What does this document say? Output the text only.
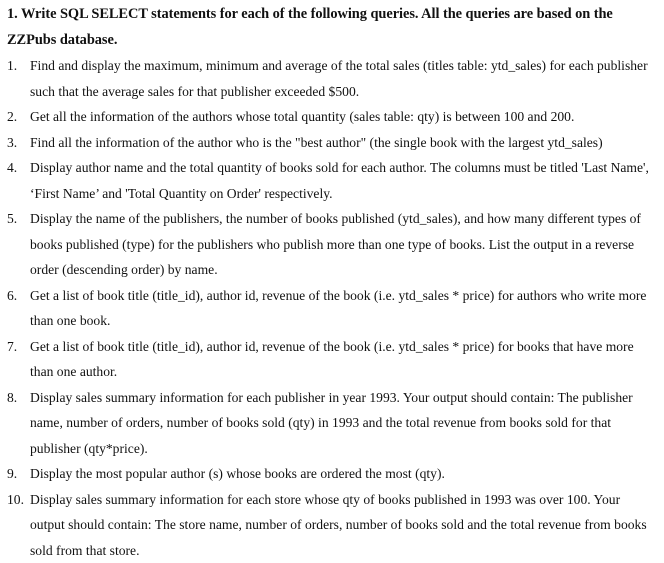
1. Write SQL SELECT statements for each of the following queries. All the queries are based on the
ZZPubs database.
1. Find and display the maximum, minimum and average of the total sales (titles table: ytd_sales) for each publisher such that the average sales for that publisher exceeded $500.
2. Get all the information of the authors whose total quantity (sales table: qty) is between 100 and 200.
3. Find all the information of the author who is the "best author" (the single book with the largest ytd_sales)
4. Display author name and the total quantity of books sold for each author. The columns must be titled 'Last Name', ‘First Name’ and 'Total Quantity on Order' respectively.
5. Display the name of the publishers, the number of books published (ytd_sales), and how many different types of books published (type) for the publishers who publish more than one type of books. List the output in a reverse order (descending order) by name.
6. Get a list of book title (title_id), author id, revenue of the book (i.e. ytd_sales * price) for authors who write more than one book.
7. Get a list of book title (title_id), author id, revenue of the book (i.e. ytd_sales * price) for books that have more than one author.
8. Display sales summary information for each publisher in year 1993. Your output should contain: The publisher name, number of orders, number of books sold (qty) in 1993 and the total revenue from books sold for that publisher (qty*price).
9. Display the most popular author (s) whose books are ordered the most (qty).
10. Display sales summary information for each store whose qty of books published in 1993 was over 100. Your output should contain: The store name, number of orders, number of books sold and the total revenue from books sold from that store.
